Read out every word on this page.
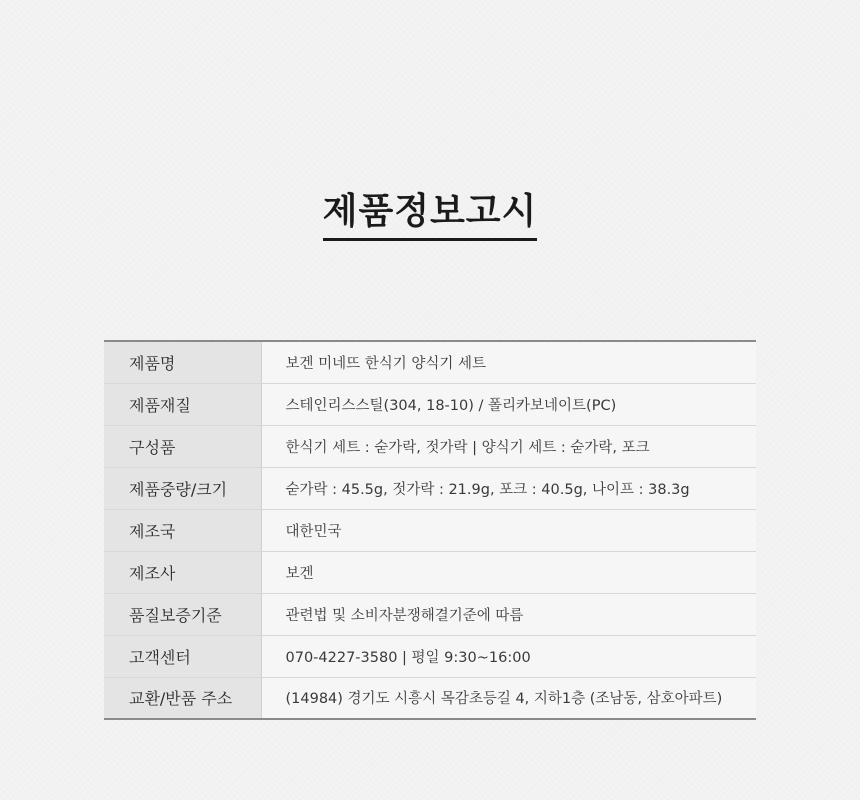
제품정보고시
제품명	보겐 미네뜨 한식기 양식기 세트
제품재질	스테인리스스틸(304, 18-10) / 폴리카보네이트(PC)
구성품	한식기 세트 : 숟가락, 젓가락 | 양식기 세트 : 숟가락, 포크
제품중량/크기	숟가락 : 45.5g, 젓가락 : 21.9g, 포크 : 40.5g, 나이프 : 38.3g
제조국	대한민국
제조사	보겐
품질보증기준	관련법 및 소비자분쟁해결기준에 따름
고객센터	070-4227-3580 | 평일 9:30~16:00
교환/반품 주소	(14984) 경기도 시흥시 목감초등길 4, 지하1층 (조남동, 삼호아파트)
